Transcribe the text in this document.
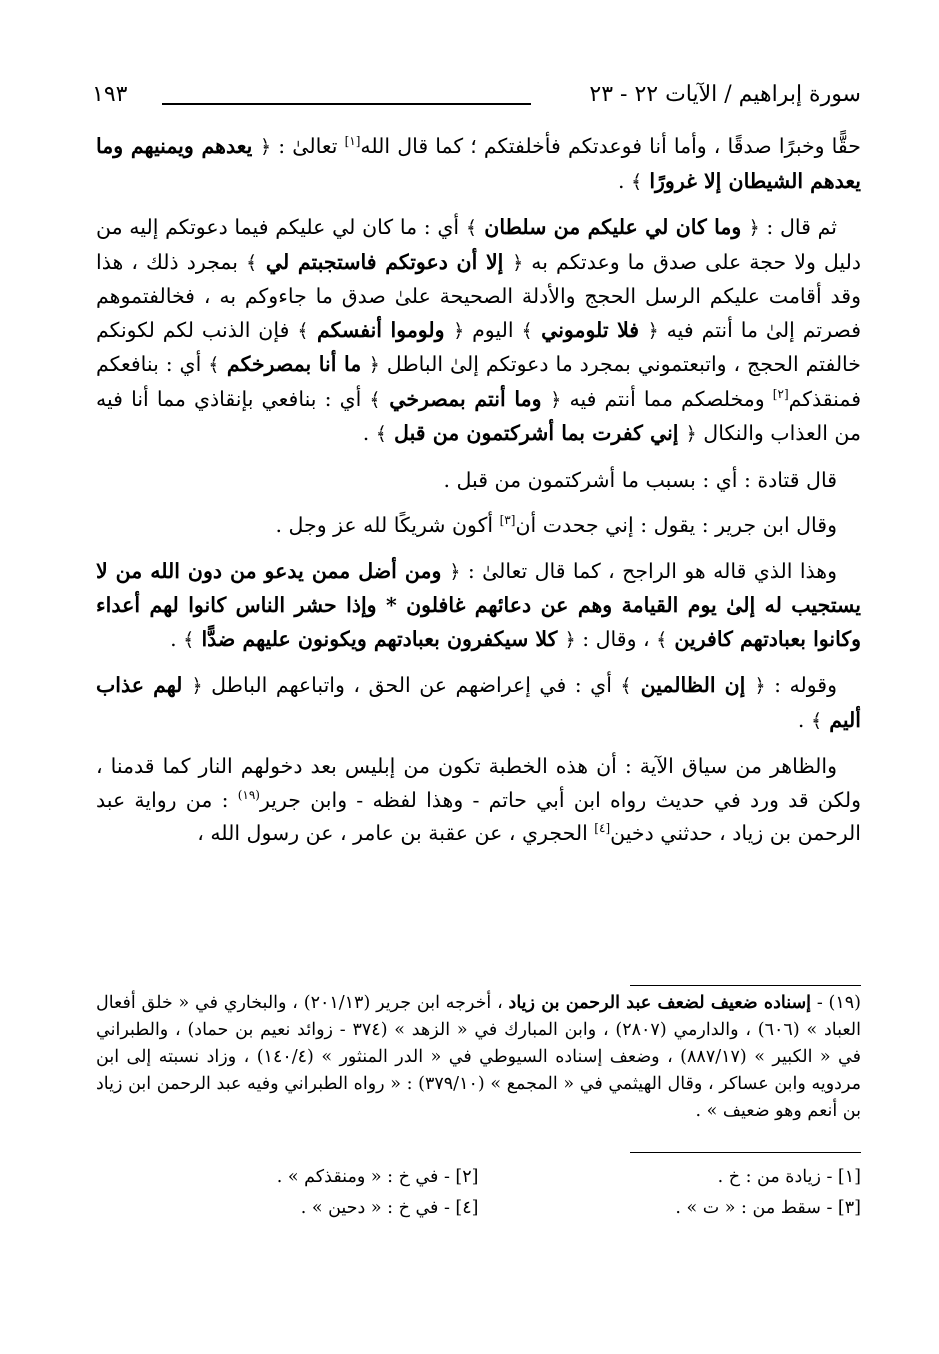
سورة إبراهيم / الآيات ٢٢ - ٢٣
١٩٣

حقًّا وخبرًا صدقًا ، وأما أنا فوعدتكم فأخلفتكم ؛ كما قال الله[١] تعالىٰ : ﴿ يعدهم ويمنيهم وما يعدهم الشيطان إلا غرورًا ﴾ .

ثم قال : ﴿ وما كان لي عليكم من سلطان ﴾ أي : ما كان لي عليكم فيما دعوتكم إليه من دليل ولا حجة على صدق ما وعدتكم به ﴿ إلا أن دعوتكم فاستجبتم لي ﴾ بمجرد ذلك ، هذا وقد أقامت عليكم الرسل الحجج والأدلة الصحيحة علىٰ صدق ما جاءوكم به ، فخالفتموهم فصرتم إلىٰ ما أنتم فيه ﴿ فلا تلوموني ﴾ اليوم ﴿ ولوموا أنفسكم ﴾ فإن الذنب لكم لكونكم خالفتم الحجج ، واتبعتموني بمجرد ما دعوتكم إلىٰ الباطل ﴿ ما أنا بمصرخكم ﴾ أي : بنافعكم فمنقذكم[٢] ومخلصكم مما أنتم فيه ﴿ وما أنتم بمصرخي ﴾ أي : بنافعي بإنقاذي مما أنا فيه من العذاب والنكال ﴿ إني كفرت بما أشركتمون من قبل ﴾ .

قال قتادة : أي : بسبب ما أشركتمون من قبل .

وقال ابن جرير : يقول : إني جحدت أن[٣] أكون شريكًا لله عز وجل .

وهذا الذي قاله هو الراجح ، كما قال تعالىٰ : ﴿ ومن أضل ممن يدعو من دون الله من لا يستجيب له إلىٰ يوم القيامة وهم عن دعائهم غافلون * وإذا حشر الناس كانوا لهم أعداء وكانوا بعبادتهم كافرين ﴾ ، وقال : ﴿ كلا سيكفرون بعبادتهم ويكونون عليهم ضدًّا ﴾ .

وقوله : ﴿ إن الظالمين ﴾ أي : في إعراضهم عن الحق ، واتباعهم الباطل ﴿ لهم عذاب أليم ﴾ .

والظاهر من سياق الآية : أن هذه الخطبة تكون من إبليس بعد دخولهم النار كما قدمنا ، ولكن قد ورد في حديث رواه ابن أبي حاتم - وهذا لفظه - وابن جرير$^{(١٩)}$ : من رواية عبد الرحمن بن زياد ، حدثني دخين[٤] الحجري ، عن عقبة بن عامر ، عن رسول الله ،

(١٩) - إسناده ضعيف لضعف عبد الرحمن بن زياد ، أخرجه ابن جرير (٢٠١/١٣) ، والبخاري في « خلق أفعال العباد » (٦٠٦) ، والدارمي (٢٨٠٧) ، وابن المبارك في « الزهد » (٣٧٤ - زوائد نعيم بن حماد) ، والطبراني في « الكبير » (٨٨٧/١٧) ، وضعف إسناده السيوطي في « الدر المنثور » (١٤٠/٤) ، وزاد نسبته إلى ابن مردويه وابن عساكر ، وقال الهيثمي في « المجمع » (٣٧٩/١٠) : « رواه الطبراني وفيه عبد الرحمن ابن زياد بن أنعم وهو ضعيف » .
[١] - زيادة من : خ .
[٢] - في خ : « ومنقذكم » .
[٣] - سقط من : « ت » .
[٤] - في خ : « دحين » .
